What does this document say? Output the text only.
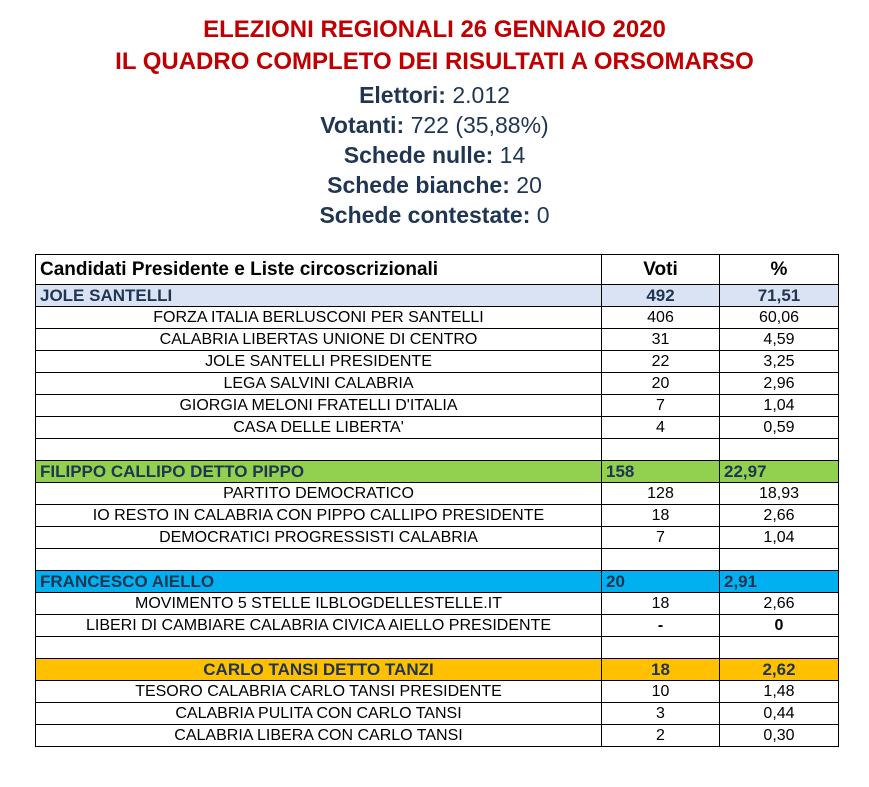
ELEZIONI REGIONALI 26 GENNAIO 2020
IL QUADRO COMPLETO DEI RISULTATI A ORSOMARSO
Elettori: 2.012
Votanti: 722 (35,88%)
Schede nulle: 14
Schede bianche: 20
Schede contestate: 0
Candidati Presidente e Liste circoscrizionali	Voti	%
JOLE SANTELLI	492	71,51
FORZA ITALIA BERLUSCONI PER SANTELLI	406	60,06
CALABRIA LIBERTAS UNIONE DI CENTRO	31	4,59
JOLE SANTELLI PRESIDENTE	22	3,25
LEGA SALVINI CALABRIA	20	2,96
GIORGIA MELONI FRATELLI D'ITALIA	7	1,04
CASA DELLE LIBERTA'	4	0,59

FILIPPO CALLIPO DETTO PIPPO	158	22,97
PARTITO DEMOCRATICO	128	18,93
IO RESTO IN CALABRIA CON PIPPO CALLIPO PRESIDENTE	18	2,66
DEMOCRATICI PROGRESSISTI CALABRIA	7	1,04

FRANCESCO AIELLO	20	2,91
MOVIMENTO 5 STELLE ILBLOGDELLESTELLE.IT	18	2,66
LIBERI DI CAMBIARE CALABRIA CIVICA AIELLO PRESIDENTE	-	0

CARLO TANSI DETTO TANZI	18	2,62
TESORO CALABRIA CARLO TANSI PRESIDENTE	10	1,48
CALABRIA PULITA CON CARLO TANSI	3	0,44
CALABRIA LIBERA CON CARLO TANSI	2	0,30
